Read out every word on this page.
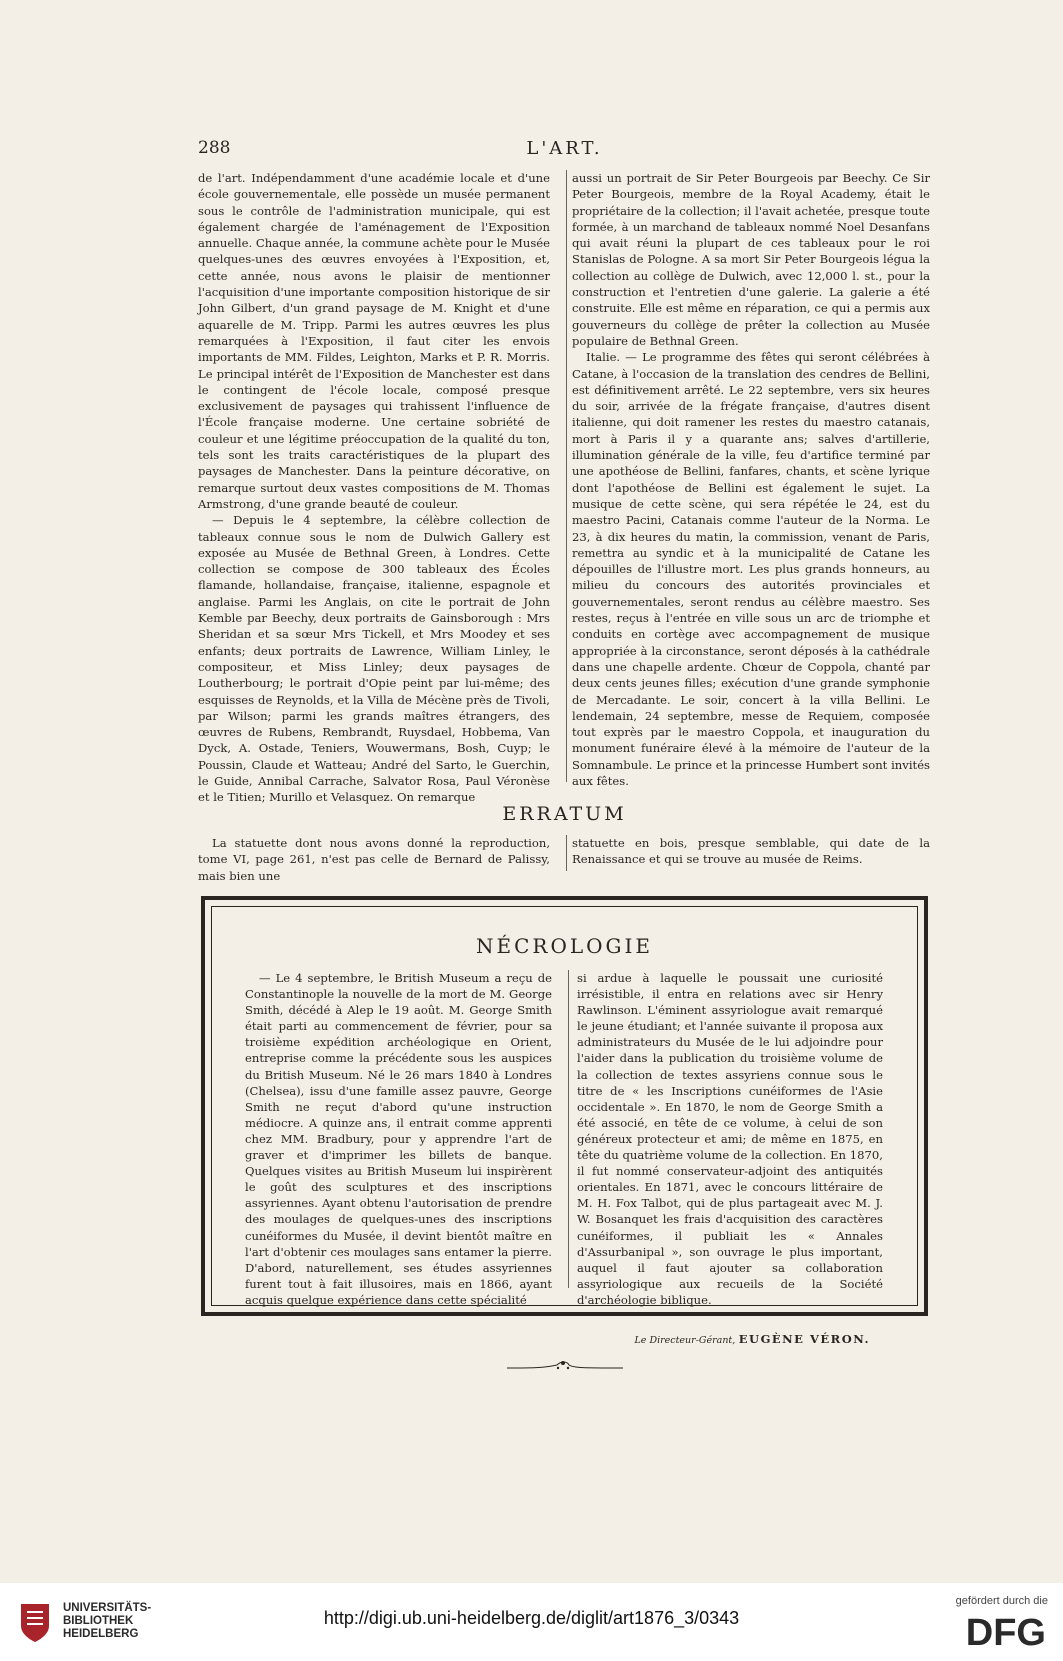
288	L'ART.

de l'art. Indépendamment d'une académie locale et d'une école gouvernementale, elle possède un musée permanent sous le contrôle de l'administration municipale, qui est également chargée de l'aménagement de l'Exposition annuelle. Chaque année, la commune achète pour le Musée quelques-unes des œuvres envoyées à l'Exposition, et, cette année, nous avons le plaisir de mentionner l'acquisition d'une importante composition historique de sir John Gilbert, d'un grand paysage de M. Knight et d'une aquarelle de M. Tripp. Parmi les autres œuvres les plus remarquées à l'Exposition, il faut citer les envois importants de MM. Fildes, Leighton, Marks et P. R. Morris. Le principal intérêt de l'Exposition de Manchester est dans le contingent de l'école locale, composé presque exclusivement de paysages qui trahissent l'influence de l'École française moderne. Une certaine sobriété de couleur et une légitime préoccupation de la qualité du ton, tels sont les traits caractéristiques de la plupart des paysages de Manchester. Dans la peinture décorative, on remarque surtout deux vastes compositions de M. Thomas Armstrong, d'une grande beauté de couleur.

— Depuis le 4 septembre, la célèbre collection de tableaux connue sous le nom de Dulwich Gallery est exposée au Musée de Bethnal Green, à Londres. Cette collection se compose de 300 tableaux des Écoles flamande, hollandaise, française, italienne, espagnole et anglaise. Parmi les Anglais, on cite le portrait de John Kemble par Beechy, deux portraits de Gainsborough : Mrs Sheridan et sa sœur Mrs Tickell, et Mrs Moodey et ses enfants; deux portraits de Lawrence, William Linley, le compositeur, et Miss Linley; deux paysages de Loutherbourg; le portrait d'Opie peint par lui-même; des esquisses de Reynolds, et la Villa de Mécène près de Tivoli, par Wilson; parmi les grands maîtres étrangers, des œuvres de Rubens, Rembrandt, Ruysdael, Hobbema, Van Dyck, A. Ostade, Teniers, Wouwermans, Bosh, Cuyp; le Poussin, Claude et Watteau; André del Sarto, le Guerchin, le Guide, Annibal Carrache, Salvator Rosa, Paul Véronèse et le Titien; Murillo et Velasquez. On remarque

aussi un portrait de Sir Peter Bourgeois par Beechy. Ce Sir Peter Bourgeois, membre de la Royal Academy, était le propriétaire de la collection; il l'avait achetée, presque toute formée, à un marchand de tableaux nommé Noel Desanfans qui avait réuni la plupart de ces tableaux pour le roi Stanislas de Pologne. A sa mort Sir Peter Bourgeois légua la collection au collège de Dulwich, avec 12,000 l. st., pour la construction et l'entretien d'une galerie. La galerie a été construite. Elle est même en réparation, ce qui a permis aux gouverneurs du collège de prêter la collection au Musée populaire de Bethnal Green.

Italie. — Le programme des fêtes qui seront célébrées à Catane, à l'occasion de la translation des cendres de Bellini, est définitivement arrêté. Le 22 septembre, vers six heures du soir, arrivée de la frégate française, d'autres disent italienne, qui doit ramener les restes du maestro catanais, mort à Paris il y a quarante ans; salves d'artillerie, illumination générale de la ville, feu d'artifice terminé par une apothéose de Bellini, fanfares, chants, et scène lyrique dont l'apothéose de Bellini est également le sujet. La musique de cette scène, qui sera répétée le 24, est du maestro Pacini, Catanais comme l'auteur de la Norma. Le 23, à dix heures du matin, la commission, venant de Paris, remettra au syndic et à la municipalité de Catane les dépouilles de l'illustre mort. Les plus grands honneurs, au milieu du concours des autorités provinciales et gouvernementales, seront rendus au célèbre maestro. Ses restes, reçus à l'entrée en ville sous un arc de triomphe et conduits en cortège avec accompagnement de musique appropriée à la circonstance, seront déposés à la cathédrale dans une chapelle ardente. Chœur de Coppola, chanté par deux cents jeunes filles; exécution d'une grande symphonie de Mercadante. Le soir, concert à la villa Bellini. Le lendemain, 24 septembre, messe de Requiem, composée tout exprès par le maestro Coppola, et inauguration du monument funéraire élevé à la mémoire de l'auteur de la Somnambule. Le prince et la princesse Humbert sont invités aux fêtes.

ERRATUM

La statuette dont nous avons donné la reproduction, tome VI, page 261, n'est pas celle de Bernard de Palissy, mais bien une

statuette en bois, presque semblable, qui date de la Renaissance et qui se trouve au musée de Reims.

NÉCROLOGIE

— Le 4 septembre, le British Museum a reçu de Constantinople la nouvelle de la mort de M. George Smith, décédé à Alep le 19 août. M. George Smith était parti au commencement de février, pour sa troisième expédition archéologique en Orient, entreprise comme la précédente sous les auspices du British Museum. Né le 26 mars 1840 à Londres (Chelsea), issu d'une famille assez pauvre, George Smith ne reçut d'abord qu'une instruction médiocre. A quinze ans, il entrait comme apprenti chez MM. Bradbury, pour y apprendre l'art de graver et d'imprimer les billets de banque. Quelques visites au British Museum lui inspirèrent le goût des sculptures et des inscriptions assyriennes. Ayant obtenu l'autorisation de prendre des moulages de quelques-unes des inscriptions cunéiformes du Musée, il devint bientôt maître en l'art d'obtenir ces moulages sans entamer la pierre. D'abord, naturellement, ses études assyriennes furent tout à fait illusoires, mais en 1866, ayant acquis quelque expérience dans cette spécialité

si ardue à laquelle le poussait une curiosité irrésistible, il entra en relations avec sir Henry Rawlinson. L'éminent assyriologue avait remarqué le jeune étudiant; et l'année suivante il proposa aux administrateurs du Musée de le lui adjoindre pour l'aider dans la publication du troisième volume de la collection de textes assyriens connue sous le titre de « les Inscriptions cunéiformes de l'Asie occidentale ». En 1870, le nom de George Smith a été associé, en tête de ce volume, à celui de son généreux protecteur et ami; de même en 1875, en tête du quatrième volume de la collection. En 1870, il fut nommé conservateur-adjoint des antiquités orientales. En 1871, avec le concours littéraire de M. H. Fox Talbot, qui de plus partageait avec M. J. W. Bosanquet les frais d'acquisition des caractères cunéiformes, il publiait les « Annales d'Assurbanipal », son ouvrage le plus important, auquel il faut ajouter sa collaboration assyriologique aux recueils de la Société d'archéologie biblique.

Le Directeur-Gérant, EUGÈNE VÉRON.
UNIVERSITÄTS-
BIBLIOTHEK
HEIDELBERG
http://digi.ub.uni-heidelberg.de/diglit/art1876_3/0343
gefördert durch die
DFG
